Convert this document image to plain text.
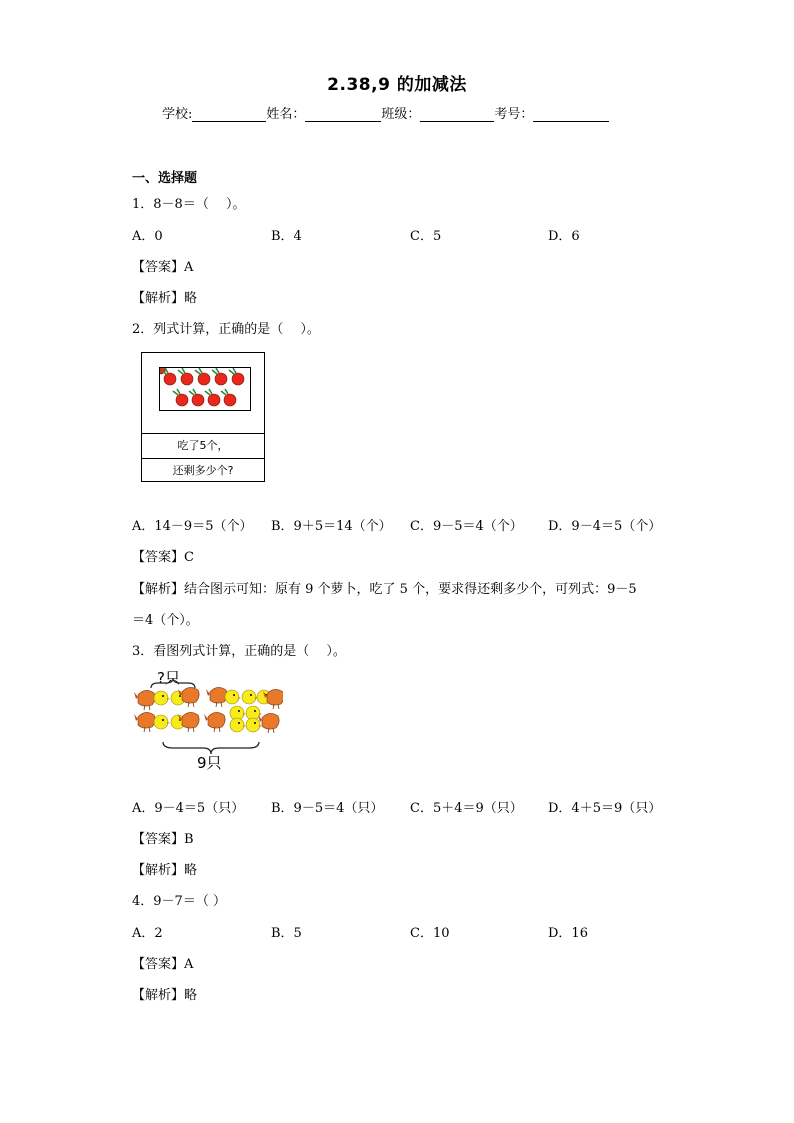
2.38,9 的加减法
学校:	姓名：	班级：	考号：
一、选择题
1．8－8＝（　 ）。
A．0	B．4	C．5	D．6
【答案】A
【解析】略
2．列式计算，正确的是（　 ）。
吃了5个，
还剩多少个?
A．14－9＝5（个） B．9＋5＝14（个） C．9－5＝4（个） D．9－4＝5（个）
【答案】C
【解析】结合图示可知：原有 9 个萝卜，吃了 5 个，要求得还剩多少个，可列式：9－5
＝4（个）。
3．看图列式计算，正确的是（　 ）。
?只
9只
A．9－4＝5（只） B．9－5＝4（只） C．5＋4＝9（只） D．4＋5＝9（只）
【答案】B
【解析】略
4．9－7＝（ ）
A．2	B．5	C．10	D．16
【答案】A
【解析】略
